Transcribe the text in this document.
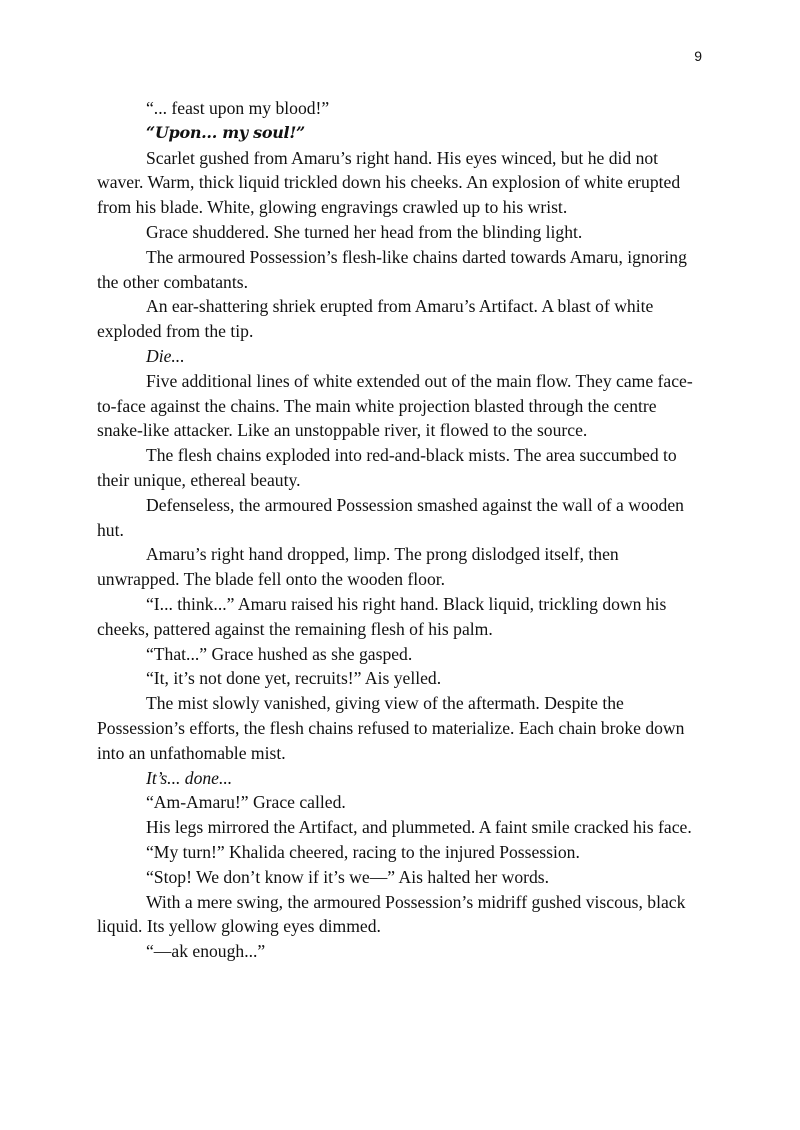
9

“... feast upon my blood!”

“Upon... my soul!”

Scarlet gushed from Amaru’s right hand. His eyes winced, but he did not waver. Warm, thick liquid trickled down his cheeks. An explosion of white erupted from his blade. White, glowing engravings crawled up to his wrist.

Grace shuddered. She turned her head from the blinding light.

The armoured Possession’s flesh-like chains darted towards Amaru, ignoring the other combatants.

An ear-shattering shriek erupted from Amaru’s Artifact. A blast of white exploded from the tip.

Die...

Five additional lines of white extended out of the main flow. They came face-to-face against the chains. The main white projection blasted through the centre snake-like attacker. Like an unstoppable river, it flowed to the source.

The flesh chains exploded into red-and-black mists. The area succumbed to their unique, ethereal beauty.

Defenseless, the armoured Possession smashed against the wall of a wooden hut.

Amaru’s right hand dropped, limp. The prong dislodged itself, then unwrapped. The blade fell onto the wooden floor.

“I... think...” Amaru raised his right hand. Black liquid, trickling down his cheeks, pattered against the remaining flesh of his palm.

“That...” Grace hushed as she gasped.

“It, it’s not done yet, recruits!” Ais yelled.

The mist slowly vanished, giving view of the aftermath. Despite the Possession’s efforts, the flesh chains refused to materialize. Each chain broke down into an unfathomable mist.

It’s... done...

“Am-Amaru!” Grace called.

His legs mirrored the Artifact, and plummeted. A faint smile cracked his face.

“My turn!” Khalida cheered, racing to the injured Possession.

“Stop! We don’t know if it’s we—” Ais halted her words.

With a mere swing, the armoured Possession’s midriff gushed viscous, black liquid. Its yellow glowing eyes dimmed.

“—ak enough...”
